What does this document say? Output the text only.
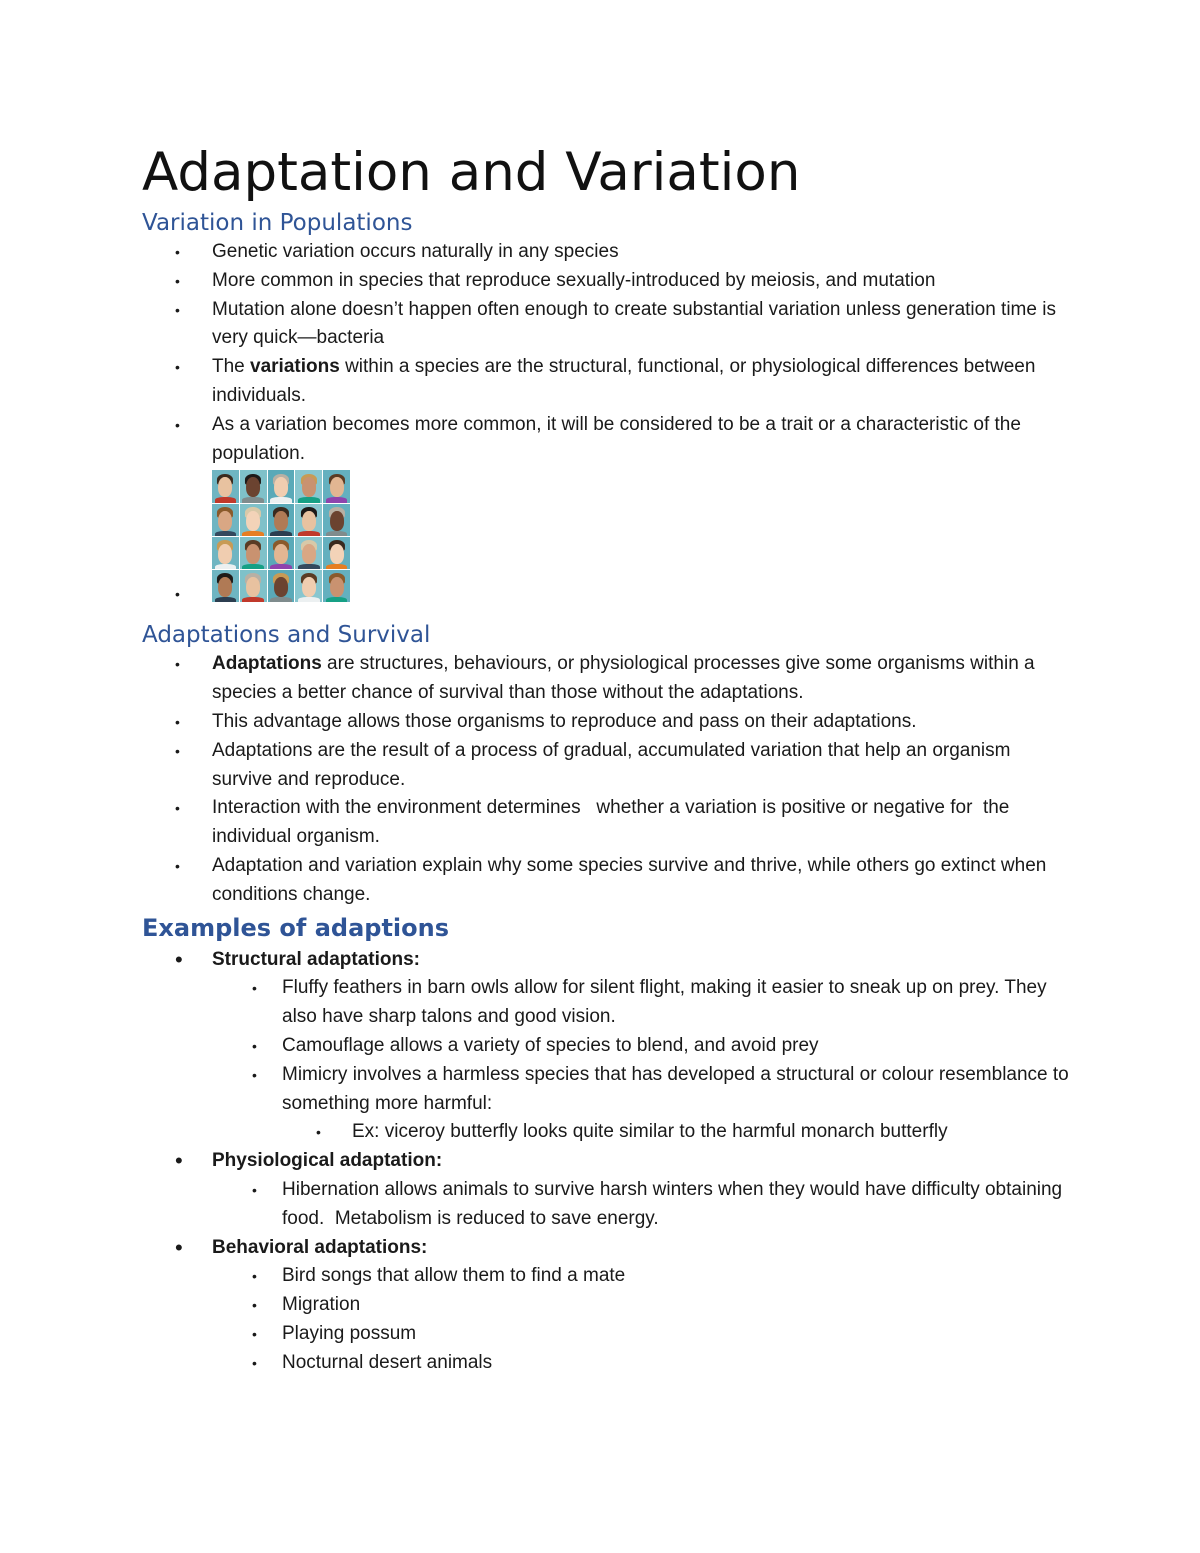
Adaptation and Variation
Variation in Populations
• Genetic variation occurs naturally in any species
• More common in species that reproduce sexually-introduced by meiosis, and mutation
• Mutation alone doesn’t happen often enough to create substantial variation unless generation time is very quick—bacteria
• The variations within a species are the structural, functional, or physiological differences between individuals.
• As a variation becomes more common, it will be considered to be a trait or a characteristic of the population.
•
Adaptations and Survival
• Adaptations are structures, behaviours, or physiological processes give some organisms within a species a better chance of survival than those without the adaptations.
• This advantage allows those organisms to reproduce and pass on their adaptations.
• Adaptations are the result of a process of gradual, accumulated variation that help an organism survive and reproduce.
• Interaction with the environment determines   whether a variation is positive or negative for  the individual organism.
• Adaptation and variation explain why some species survive and thrive, while others go extinct when conditions change.
Examples of adaptions
• Structural adaptations:
• Fluffy feathers in barn owls allow for silent flight, making it easier to sneak up on prey. They also have sharp talons and good vision.
• Camouflage allows a variety of species to blend, and avoid prey
• Mimicry involves a harmless species that has developed a structural or colour resemblance to something more harmful:
• Ex: viceroy butterfly looks quite similar to the harmful monarch butterfly
• Physiological adaptation:
• Hibernation allows animals to survive harsh winters when they would have difficulty obtaining food.  Metabolism is reduced to save energy.
• Behavioral adaptations:
• Bird songs that allow them to find a mate
• Migration
• Playing possum
• Nocturnal desert animals
